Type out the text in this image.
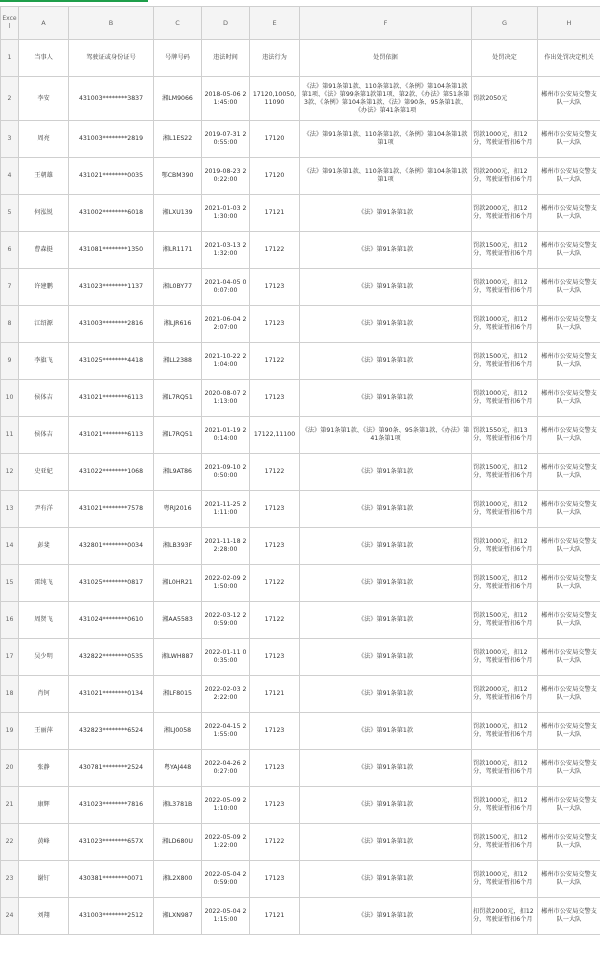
Excel	A	B	C	D	E	F	G	H
1	当事人	驾驶证或身份证号	号牌号码	违法时间	违法行为	处罚依据	处罚决定	作出处罚决定机关
2	李安	431003********3837	湘LM9066	2018-05-06 21:45:00	17120,10050,11090	《法》第91条第1款、110条第1款、《条例》第104条第1款第1项、《法》第99条第1款第1项、第2款、《办法》第51条第3款、《条例》第104条第1款、《法》第90条、95条第1款、《办法》第41条第1项	罚款2050元	郴州市公安局交警支队一大队
3	周亮	431003********2819	湘L1ES22	2019-07-31 20:55:00	17120	《法》第91条第1款、110条第1款、《条例》第104条第1款第1项	罚款1000元，扣12分，驾驶证暂扣6个月	郴州市公安局交警支队一大队
4	王朝雄	431021********0035	鄂CBM390	2019-08-23 20:22:00	17120	《法》第91条第1款、110条第1款、《条例》第104条第1款第1项	罚款2000元，扣12分，驾驶证暂扣6个月	郴州市公安局交警支队一大队
5	何泓锐	431002********6018	湘LXU139	2021-01-03 21:30:00	17121	《法》第91条第1款	罚款2000元，扣12分，驾驶证暂扣6个月	郴州市公安局交警支队一大队
6	曹森挺	431081********1350	湘LR1171	2021-03-13 21:32:00	17122	《法》第91条第1款	罚款1500元，扣12分，驾驶证暂扣6个月	郴州市公安局交警支队一大队
7	许建鹏	431023********1137	湘L0BY77	2021-04-05 00:07:00	17123	《法》第91条第1款	罚款1000元，扣12分，驾驶证暂扣6个月	郴州市公安局交警支队一大队
8	江绍源	431003********2816	湘LJR616	2021-06-04 22:07:00	17123	《法》第91条第1款	罚款1000元，扣12分，驾驶证暂扣6个月	郴州市公安局交警支队一大队
9	李旗飞	431025********4418	湘LL2388	2021-10-22 21:04:00	17122	《法》第91条第1款	罚款1500元，扣12分，驾驶证暂扣6个月	郴州市公安局交警支队一大队
10	侯体吉	431021********6113	湘L7RQ51	2020-08-07 21:13:00	17123	《法》第91条第1款	罚款1000元，扣12分，驾驶证暂扣6个月	郴州市公安局交警支队一大队
11	侯体吉	431021********6113	湘L7RQ51	2021-01-19 20:14:00	17122,11100	《法》第91条第1款、《法》第90条、95条第1款、《办法》第41条第1项	罚款1550元，扣13分，驾驶证暂扣6个月	郴州市公安局交警支队一大队
12	史亚妃	431022********1068	湘L9AT86	2021-09-10 20:50:00	17122	《法》第91条第1款	罚款1500元，扣12分，驾驶证暂扣6个月	郴州市公安局交警支队一大队
13	尹有洋	431021********7578	粤RJ2016	2021-11-25 21:11:00	17123	《法》第91条第1款	罚款1000元，扣12分，驾驶证暂扣6个月	郴州市公安局交警支队一大队
14	彭斐	432801********0034	湘LB393F	2021-11-18 22:28:00	17123	《法》第91条第1款	罚款1000元，扣12分，驾驶证暂扣6个月	郴州市公安局交警支队一大队
15	雷纯飞	431025********0817	湘L0HR21	2022-02-09 21:50:00	17122	《法》第91条第1款	罚款1500元，扣12分，驾驶证暂扣6个月	郴州市公安局交警支队一大队
16	周贤飞	431024********0610	湘AA5583	2022-03-12 20:59:00	17122	《法》第91条第1款	罚款1500元，扣12分，驾驶证暂扣6个月	郴州市公安局交警支队一大队
17	吴少明	432822********0535	湘LWH887	2022-01-11 00:35:00	17123	《法》第91条第1款	罚款1000元，扣12分，驾驶证暂扣6个月	郴州市公安局交警支队一大队
18	肖钶	431021********0134	湘LF8015	2022-02-03 22:22:00	17121	《法》第91条第1款	罚款2000元，扣12分，驾驶证暂扣6个月	郴州市公安局交警支队一大队
19	王丽萍	432823********6524	湘LJ0058	2022-04-15 21:55:00	17123	《法》第91条第1款	罚款1000元，扣12分，驾驶证暂扣6个月	郴州市公安局交警支队一大队
20	张静	430781********2524	粤YAJ448	2022-04-26 20:27:00	17123	《法》第91条第1款	罚款1000元，扣12分，驾驶证暂扣6个月	郴州市公安局交警支队一大队
21	康辉	431023********7816	湘L3781B	2022-05-09 21:10:00	17123	《法》第91条第1款	罚款1000元，扣12分，驾驶证暂扣6个月	郴州市公安局交警支队一大队
22	黄峰	431023********657X	湘LD680U	2022-05-09 21:22:00	17122	《法》第91条第1款	罚款1500元，扣12分，驾驶证暂扣6个月	郴州市公安局交警支队一大队
23	谢钉	430381********0071	湘L2X800	2022-05-04 20:59:00	17123	《法》第91条第1款	罚款1000元，扣12分，驾驶证暂扣6个月	郴州市公安局交警支队一大队
24	刘翔	431003********2512	湘LXN987	2022-05-04 21:15:00	17121	《法》第91条第1款	扣罚款2000元，扣12分，驾驶证暂扣6个月	郴州市公安局交警支队一大队
